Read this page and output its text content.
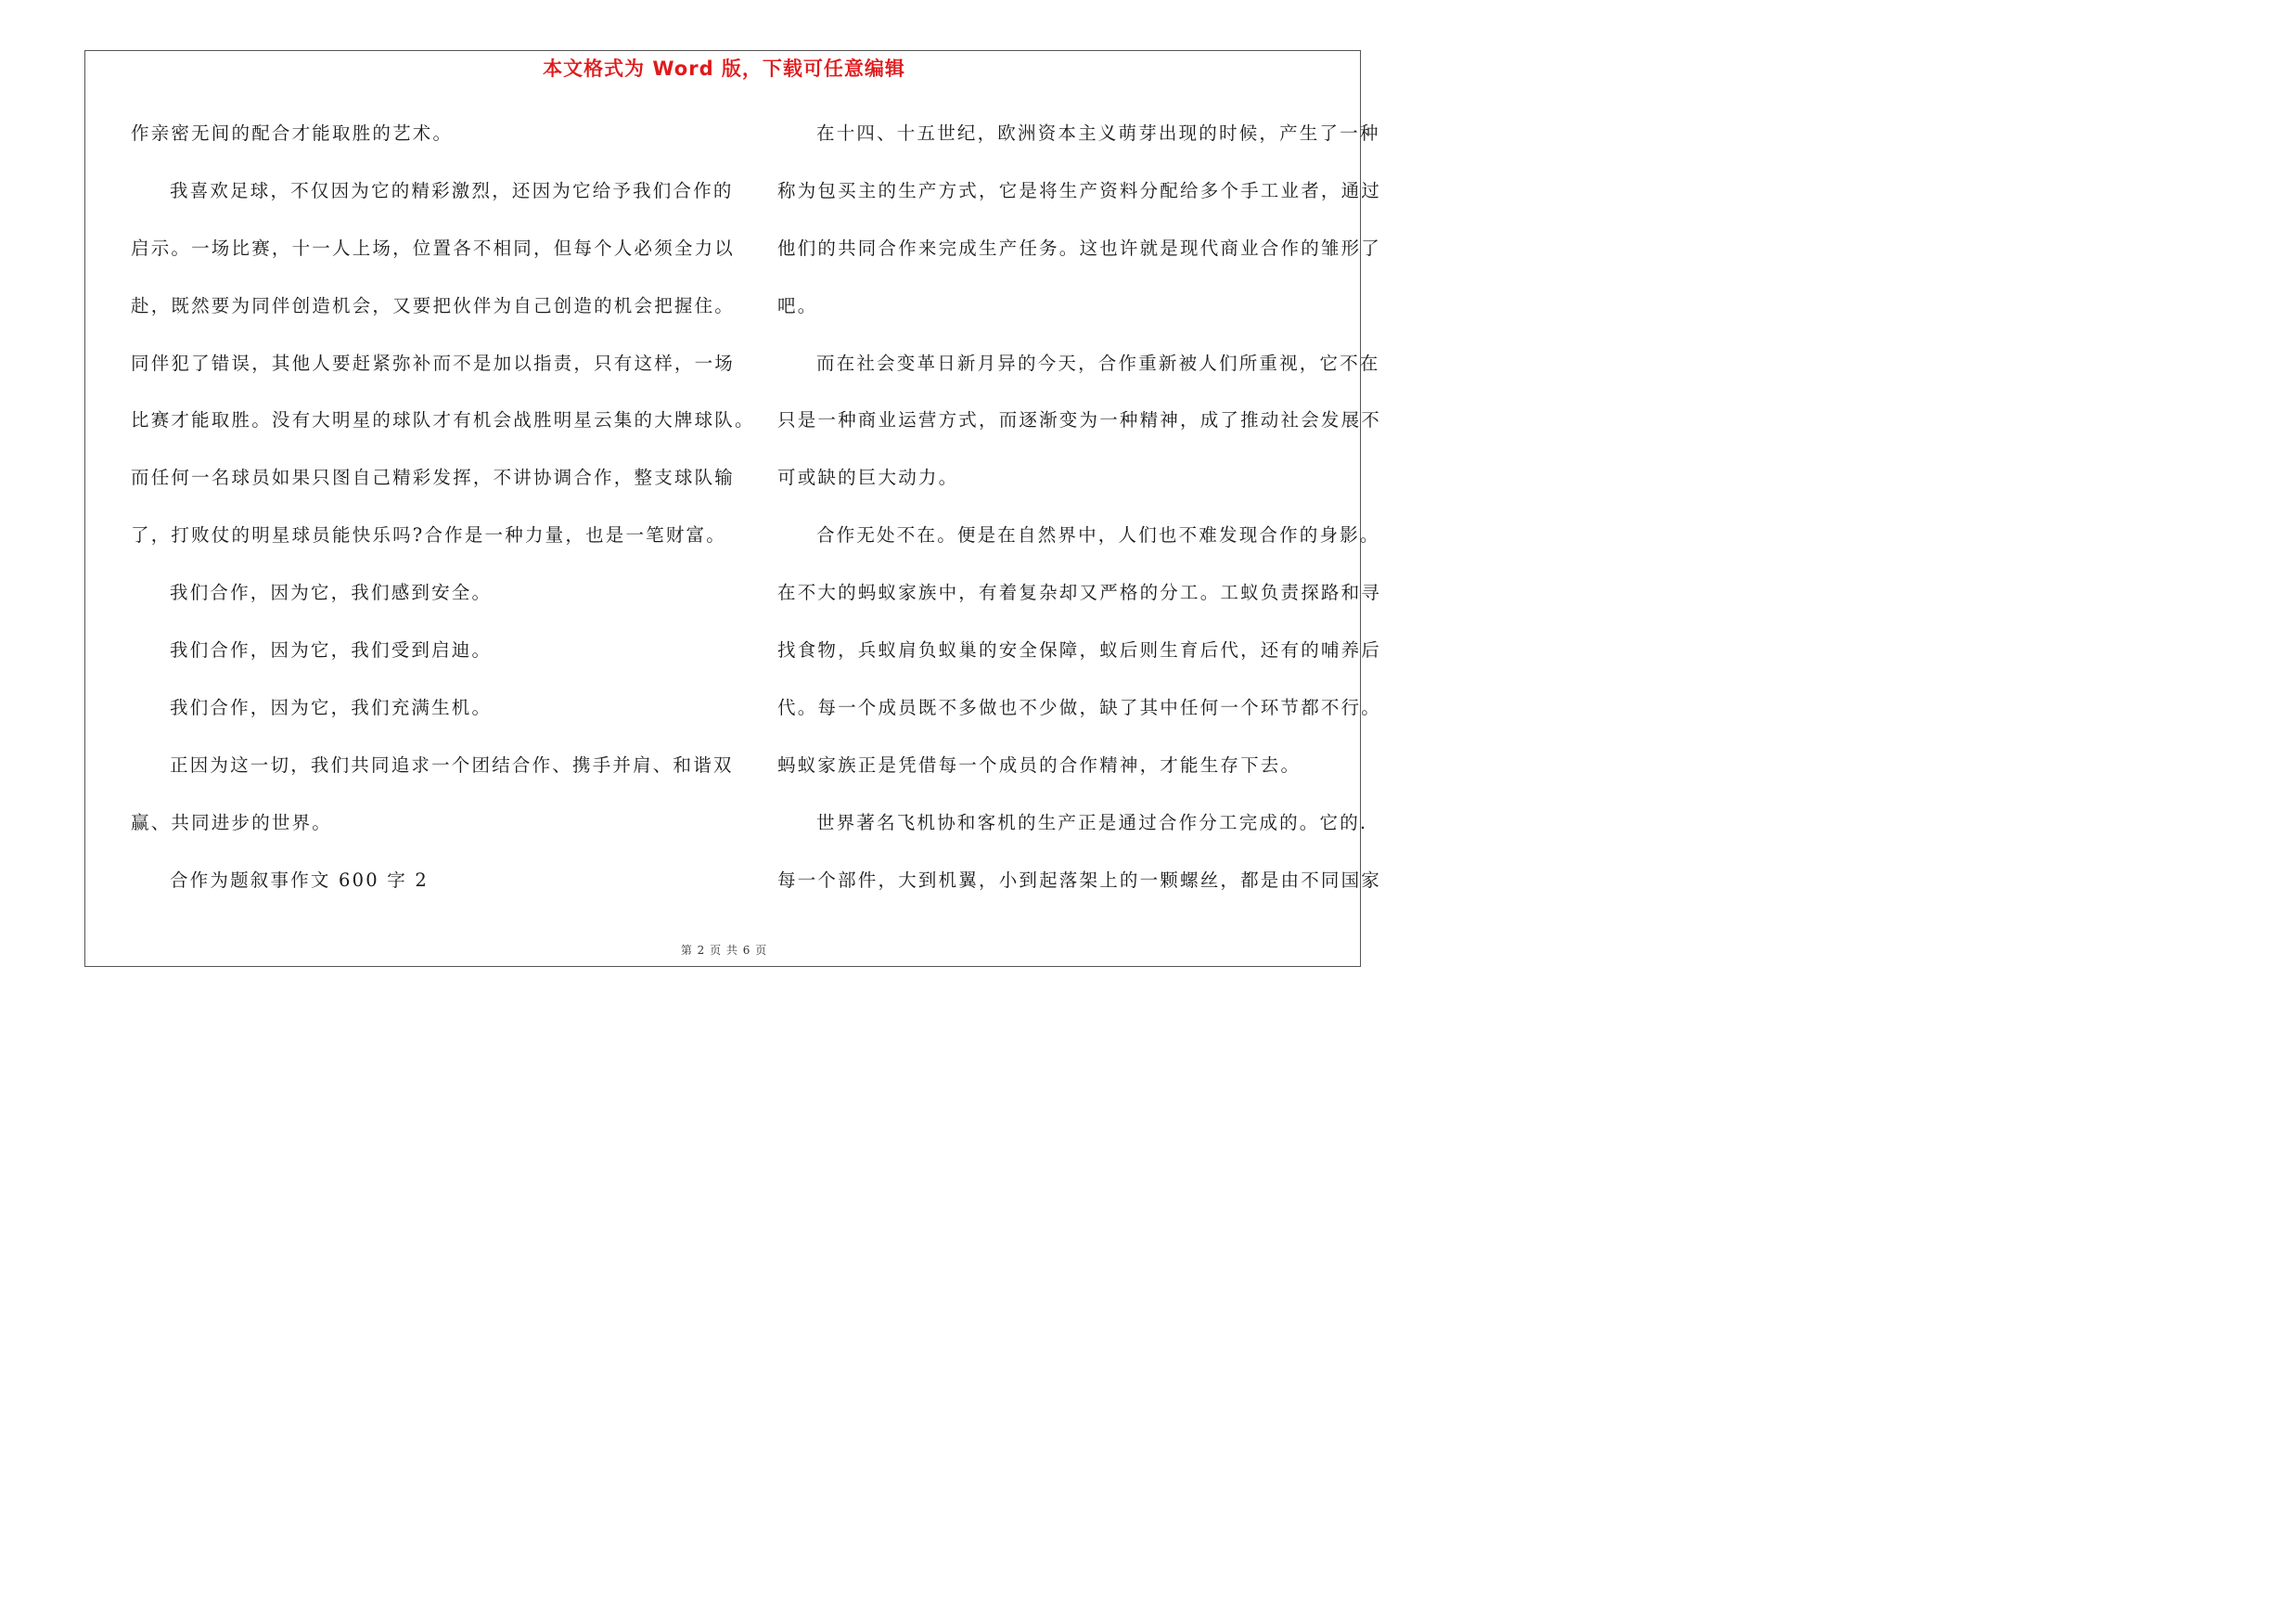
本文格式为 Word 版，下载可任意编辑
作亲密无间的配合才能取胜的艺术。
我喜欢足球，不仅因为它的精彩激烈，还因为它给予我们合作的
启示。一场比赛，十一人上场，位置各不相同，但每个人必须全力以
赴，既然要为同伴创造机会，又要把伙伴为自己创造的机会把握住。
同伴犯了错误，其他人要赶紧弥补而不是加以指责，只有这样，一场
比赛才能取胜。没有大明星的球队才有机会战胜明星云集的大牌球队。
而任何一名球员如果只图自己精彩发挥，不讲协调合作，整支球队输
了，打败仗的明星球员能快乐吗?合作是一种力量，也是一笔财富。
我们合作，因为它，我们感到安全。
我们合作，因为它，我们受到启迪。
我们合作，因为它，我们充满生机。
正因为这一切，我们共同追求一个团结合作、携手并肩、和谐双
赢、共同进步的世界。
合作为题叙事作文 600 字 2
在十四、十五世纪，欧洲资本主义萌芽出现的时候，产生了一种
称为包买主的生产方式，它是将生产资料分配给多个手工业者，通过
他们的共同合作来完成生产任务。这也许就是现代商业合作的雏形了
吧。
而在社会变革日新月异的今天，合作重新被人们所重视，它不在
只是一种商业运营方式，而逐渐变为一种精神，成了推动社会发展不
可或缺的巨大动力。
合作无处不在。便是在自然界中，人们也不难发现合作的身影。
在不大的蚂蚁家族中，有着复杂却又严格的分工。工蚁负责探路和寻
找食物，兵蚁肩负蚁巢的安全保障，蚁后则生育后代，还有的哺养后
代。每一个成员既不多做也不少做，缺了其中任何一个环节都不行。
蚂蚁家族正是凭借每一个成员的合作精神，才能生存下去。
世界著名飞机协和客机的生产正是通过合作分工完成的。它的.
每一个部件，大到机翼，小到起落架上的一颗螺丝，都是由不同国家
第 2 页 共 6 页
